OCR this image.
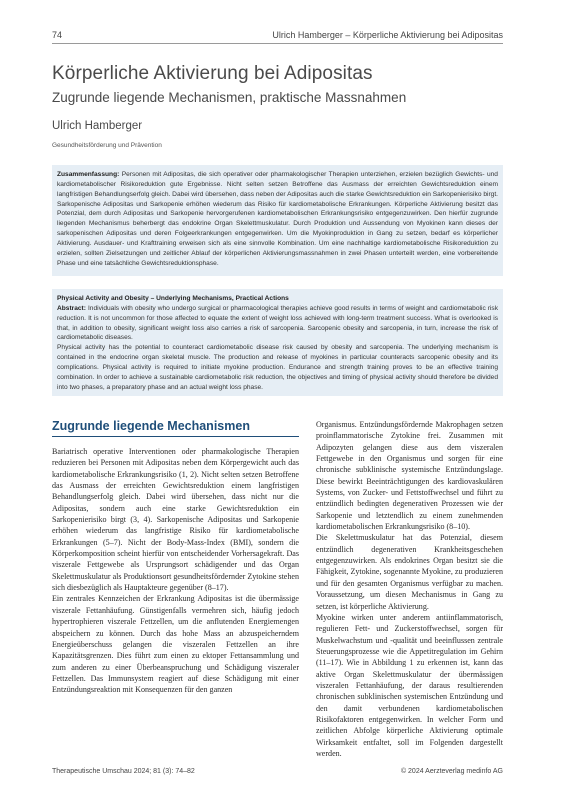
74	Ulrich Hamberger – Körperliche Aktivierung bei Adipositas
Körperliche Aktivierung bei Adipositas
Zugrunde liegende Mechanismen, praktische Massnahmen
Ulrich Hamberger
Gesundheitsförderung und Prävention
Zusammenfassung: Personen mit Adipositas, die sich operativer oder pharmakologischer Therapien unterziehen, erzielen bezüglich Gewichts- und kardiometabolischer Risikoreduktion gute Ergebnisse. Nicht selten setzen Betroffene das Ausmass der erreichten Gewichtsreduktion einem langfristigen Behandlungserfolg gleich. Dabei wird übersehen, dass neben der Adipositas auch die starke Gewichtsreduktion ein Sarkopenierisiko birgt. Sarkopenische Adipositas und Sarkopenie erhöhen wiederum das Risiko für kardiometabolische Erkrankungen. Körperliche Aktivierung besitzt das Potenzial, dem durch Adipositas und Sarkopenie hervorgerufenen kardiometabolischen Erkrankungsrisiko entgegenzuwirken. Den hierfür zugrunde liegenden Mechanismus beherbergt das endokrine Organ Skelettmuskulatur. Durch Produktion und Aussendung von Myokinen kann dieses der sarkopenischen Adipositas und deren Folgeerkrankungen entgegenwirken. Um die Myokinproduktion in Gang zu setzen, bedarf es körperlicher Aktivierung. Ausdauer- und Krafttraining erweisen sich als eine sinnvolle Kombination. Um eine nachhaltige kardiometabolische Risikoreduktion zu erzielen, sollten Zielsetzungen und zeitlicher Ablauf der körperlichen Aktivierungsmassnahmen in zwei Phasen unterteilt werden, eine vorbereitende Phase und eine tatsächliche Gewichtsreduktionsphase.
Physical Activity and Obesity – Underlying Mechanisms, Practical Actions
Abstract: Individuals with obesity who undergo surgical or pharmacological therapies achieve good results in terms of weight and cardiometabolic risk reduction. It is not uncommon for those affected to equate the extent of weight loss achieved with long-term treatment success. What is overlooked is that, in addition to obesity, significant weight loss also carries a risk of sarcopenia. Sarcopenic obesity and sarcopenia, in turn, increase the risk of cardiometabolic diseases.
Physical activity has the potential to counteract cardiometabolic disease risk caused by obesity and sarcopenia. The underlying mechanism is contained in the endocrine organ skeletal muscle. The production and release of myokines in particular counteracts sarcopenic obesity and its complications. Physical activity is required to initiate myokine production. Endurance and strength training proves to be an effective training combination. In order to achieve a sustainable cardiometabolic risk reduction, the objectives and timing of physical activity should therefore be divided into two phases, a preparatory phase and an actual weight loss phase.
Zugrunde liegende Mechanismen

Bariatrisch operative Interventionen oder pharmakologische Therapien reduzieren bei Personen mit Adipositas neben dem Körpergewicht auch das kardiometabolische Erkrankungsrisiko (1, 2). Nicht selten setzen Betroffene das Ausmass der erreichten Gewichtsreduktion einem langfristigen Behandlungserfolg gleich. Dabei wird übersehen, dass nicht nur die Adipositas, sondern auch eine starke Gewichtsreduktion ein Sarkopenierisiko birgt (3, 4). Sarkopenische Adipositas und Sarkopenie erhöhen wiederum das langfristige Risiko für kardiometabolische Erkrankungen (5–7). Nicht der Body-Mass-Index (BMI), sondern die Körperkomposition scheint hierfür von entscheidender Vorhersagekraft. Das viszerale Fettgewebe als Ursprungsort schädigender und das Organ Skelettmuskulatur als Produktionsort gesundheitsfördernder Zytokine stehen sich diesbezüglich als Hauptakteure gegenüber (8–17).

Ein zentrales Kennzeichen der Erkrankung Adipositas ist die übermässige viszerale Fettanhäufung. Günstigenfalls vermehren sich, häufig jedoch hypertrophieren viszerale Fettzellen, um die anflutenden Energiemengen abspeichern zu können. Durch das hohe Mass an abzuspeicherndem Energieüberschuss gelangen die viszeralen Fettzellen an ihre Kapazitätsgrenzen. Dies führt zum einen zu ektoper Fettansammlung und zum anderen zu einer Überbeanspruchung und Schädigung viszeraler Fettzellen. Das Immunsystem reagiert auf diese Schädigung mit einer Entzündungsreaktion mit Konsequenzen für den ganzen

Organismus. Entzündungsfördernde Makrophagen setzen proinflammatorische Zytokine frei. Zusammen mit Adipozyten gelangen diese aus dem viszeralen Fettgewebe in den Organismus und sorgen für eine chronische subklinische systemische Entzündungslage. Diese bewirkt Beeinträchtigungen des kardiovaskulären Systems, von Zucker- und Fettstoffwechsel und führt zu entzündlich bedingten degenerativen Prozessen wie der Sarkopenie und letztendlich zu einem zunehmenden kardiometabolischen Erkrankungsrisiko (8–10).

Die Skelettmuskulatur hat das Potenzial, diesem entzündlich degenerativen Krankheitsgeschehen entgegenzuwirken. Als endokrines Organ besitzt sie die Fähigkeit, Zytokine, sogenannte Myokine, zu produzieren und für den gesamten Organismus verfügbar zu machen. Voraussetzung, um diesen Mechanismus in Gang zu setzen, ist körperliche Aktivierung.

Myokine wirken unter anderem antiinflammatorisch, regulieren Fett- und Zuckerstoffwechsel, sorgen für Muskelwachstum und -qualität und beeinflussen zentrale Steuerungsprozesse wie die Appetitregulation im Gehirn (11–17). Wie in Abbildung 1 zu erkennen ist, kann das aktive Organ Skelettmuskulatur der übermässigen viszeralen Fettanhäufung, der daraus resultierenden chronischen subklinischen systemischen Entzündung und den damit verbundenen kardiometabolischen Risikofaktoren entgegenwirken. In welcher Form und zeitlichen Abfolge körperliche Aktivierung optimale Wirksamkeit entfaltet, soll im Folgenden dargestellt werden.

Therapeutische Umschau 2024; 81 (3): 74–82	© 2024 Aerzteverlag medinfo AG
